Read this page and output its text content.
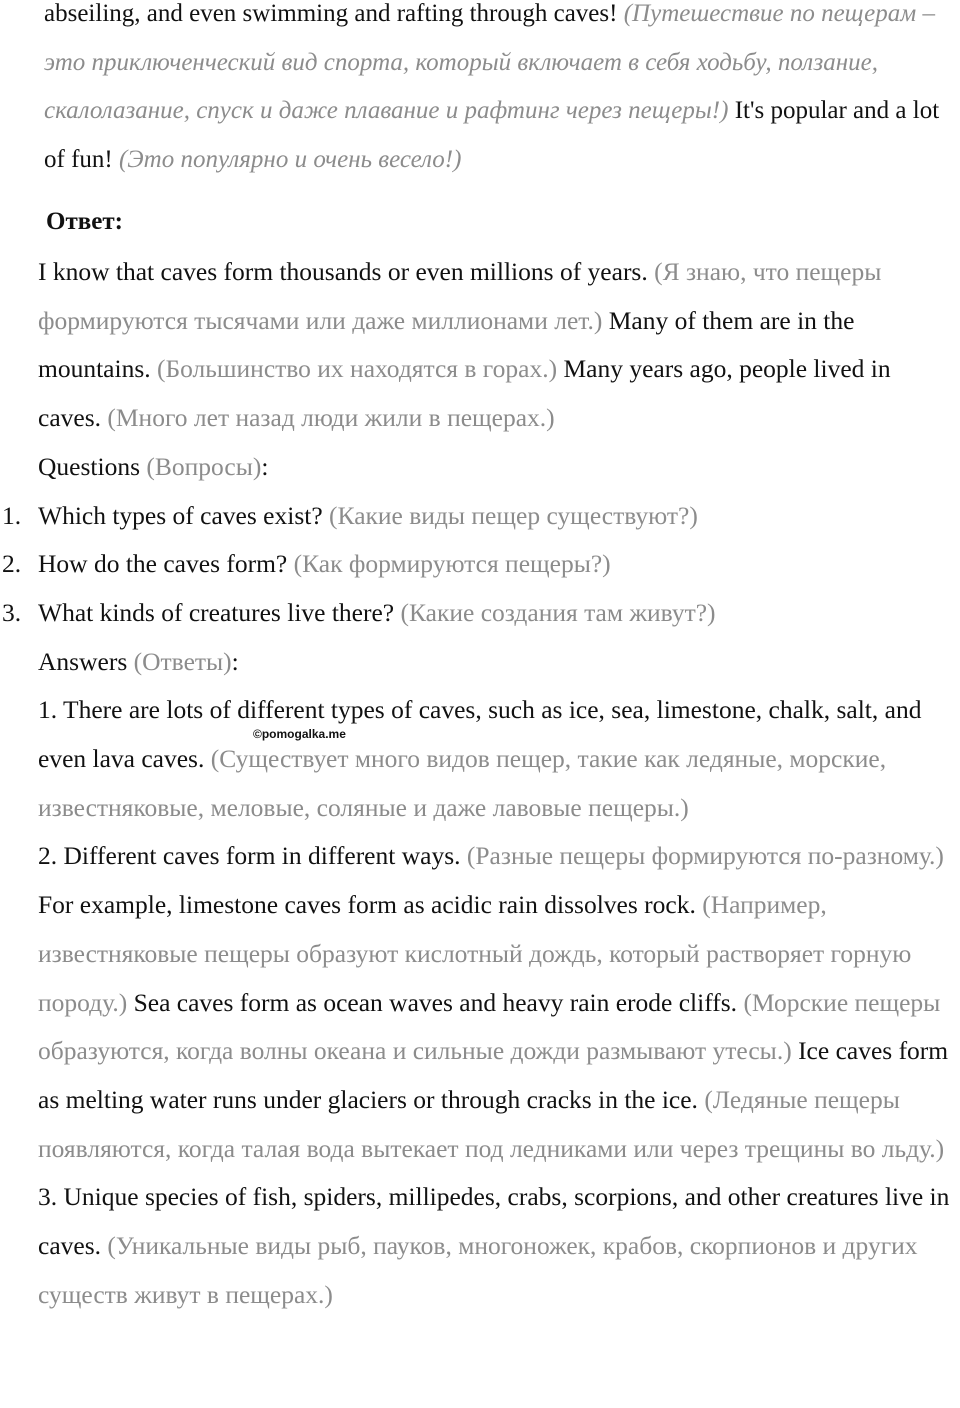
abseiling, and even swimming and rafting through caves! (Путешествие по пещерам – это приключенческий вид спорта, который включает в себя ходьбу, ползание, скалолазание, спуск и даже плавание и рафтинг через пещеры!) It's popular and a lot of fun! (Это популярно и очень весело!)
Ответ:

I know that caves form thousands or even millions of years. (Я знаю, что пещеры формируются тысячами или даже миллионами лет.) Many of them are in the mountains. (Большинство их находятся в горах.) Many years ago, people lived in caves. (Много лет назад люди жили в пещерах.)

Questions (Вопросы):

1. Which types of caves exist? (Какие виды пещер существуют?)

2. How do the caves form? (Как формируются пещеры?)

3. What kinds of creatures live there? (Какие создания там живут?)

Answers (Ответы):

1. There are lots of different types of caves, such as ice, sea, limestone, chalk, salt, and even lava caves. (Существует много видов пещер, такие как ледяные, морские, известняковые, меловые, соляные и даже лавовые пещеры.)

2. Different caves form in different ways. (Разные пещеры формируются по-разному.) For example, limestone caves form as acidic rain dissolves rock. (Например, известняковые пещеры образуют кислотный дождь, который растворяет горную породу.) Sea caves form as ocean waves and heavy rain erode cliffs. (Морские пещеры образуются, когда волны океана и сильные дожди размывают утесы.) Ice caves form as melting water runs under glaciers or through cracks in the ice. (Ледяные пещеры появляются, когда талая вода вытекает под ледниками или через трещины во льду.)

3. Unique species of fish, spiders, millipedes, crabs, scorpions, and other creatures live in caves. (Уникальные виды рыб, пауков, многоножек, крабов, скорпионов и других существ живут в пещерах.)

©pomogalka.me
